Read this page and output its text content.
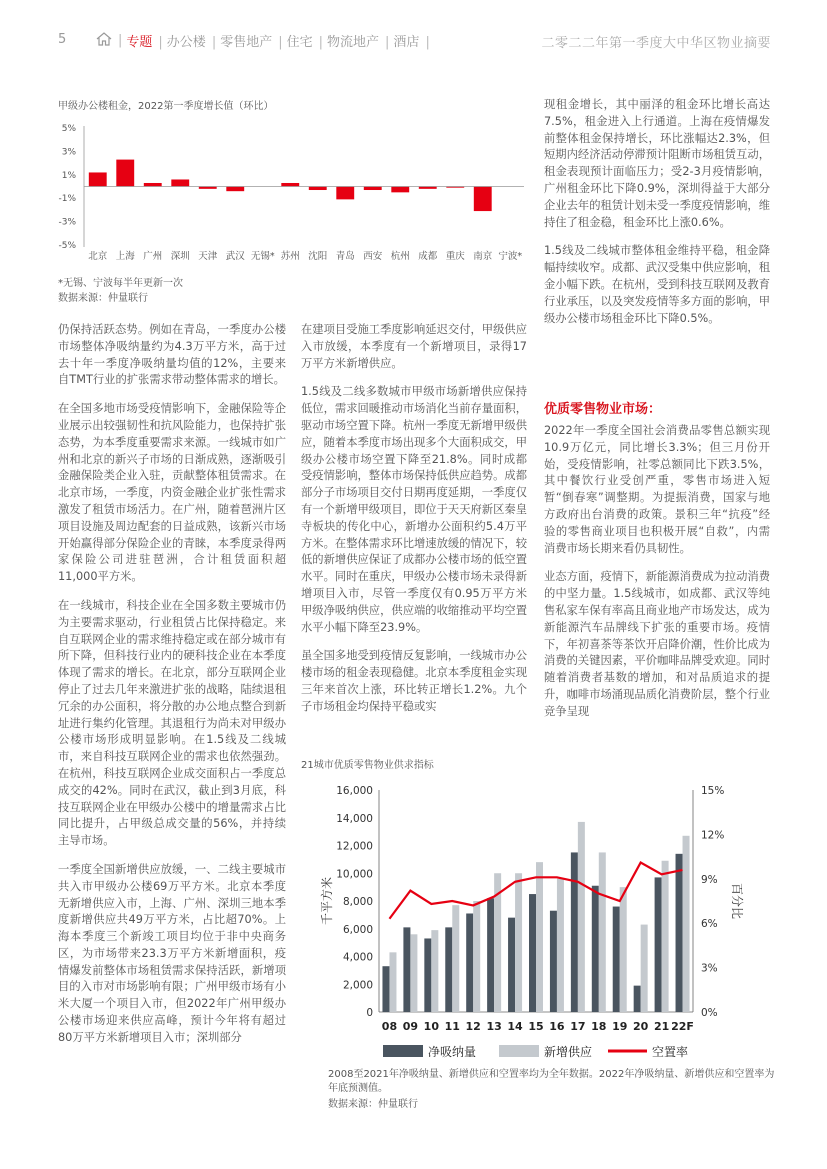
5	| 专题 | 办公楼 | 零售地产 | 住宅 | 物流地产 | 酒店 |	二零二二年第一季度大中华区物业摘要
甲级办公楼租金，2022第一季度增长值（环比）
5%
3%
1%
-1%
-3%
-5%
北京 上海 广州 深圳 天津 武汉 无锡* 苏州 沈阳 青岛 西安 杭州 成都 重庆 南京 宁波*
*无锡、宁波每半年更新一次
数据来源：仲量联行

仍保持活跃态势。例如在青岛，一季度办公楼市场整体净吸纳量约为4.3万平方米，高于过去十年一季度净吸纳量均值的12%，主要来自TMT行业的扩张需求带动整体需求的增长。

在全国多地市场受疫情影响下，金融保险等企业展示出较强韧性和抗风险能力，也保持扩张态势，为本季度重要需求来源。一线城市如广州和北京的新兴子市场的日渐成熟，逐渐吸引金融保险类企业入驻，贡献整体租赁需求。在北京市场，一季度，内资金融企业扩张性需求激发了租赁市场活力。在广州，随着琶洲片区项目设施及周边配套的日益成熟，该新兴市场开始赢得部分保险企业的青睐，本季度录得两家保险公司进驻琶洲，合计租赁面积超11,000平方米。

在一线城市，科技企业在全国多数主要城市仍为主要需求驱动，行业租赁占比保持稳定。来自互联网企业的需求维持稳定或在部分城市有所下降，但科技行业内的硬科技企业在本季度体现了需求的增长。在北京，部分互联网企业停止了过去几年来激进扩张的战略，陆续退租冗余的办公面积，将分散的办公地点整合到新址进行集约化管理。其退租行为尚未对甲级办公楼市场形成明显影响。在1.5线及二线城市，来自科技互联网企业的需求也依然强劲。在杭州，科技互联网企业成交面积占一季度总成交的42%。同时在武汉，截止到3月底，科技互联网企业在甲级办公楼中的增量需求占比同比提升，占甲级总成交量的56%，并持续主导市场。

一季度全国新增供应放缓，一、二线主要城市共入市甲级办公楼69万平方米。北京本季度无新增供应入市，上海、广州、深圳三地本季度新增供应共49万平方米，占比超70%。上海本季度三个新竣工项目均位于非中央商务区，为市场带来23.3万平方米新增面积，疫情爆发前整体市场租赁需求保持活跃，新增项目的入市对市场影响有限；广州甲级市场有小米大厦一个项目入市，但2022年广州甲级办公楼市场迎来供应高峰，预计今年将有超过80万平方米新增项目入市；深圳部分

在建项目受施工季度影响延迟交付，甲级供应入市放缓，本季度有一个新增项目，录得17万平方米新增供应。

1.5线及二线多数城市甲级市场新增供应保持低位，需求回暖推动市场消化当前存量面积，驱动市场空置下降。杭州一季度无新增甲级供应，随着本季度市场出现多个大面积成交，甲级办公楼市场空置下降至21.8%。同时成都受疫情影响，整体市场保持低供应趋势。成都部分子市场项目交付日期再度延期，一季度仅有一个新增甲级项目，即位于天天府新区秦皇寺板块的传化中心，新增办公面积约5.4万平方米。在整体需求环比增速放缓的情况下，较低的新增供应保证了成都办公楼市场的低空置水平。同时在重庆，甲级办公楼市场未录得新增项目入市，尽管一季度仅有0.95万平方米甲级净吸纳供应，供应端的收缩推动平均空置水平小幅下降至23.9%。

虽全国多地受到疫情反复影响，一线城市办公楼市场的租金表现稳健。北京本季度租金实现三年来首次上涨，环比转正增长1.2%。九个子市场租金均保持平稳或实

现租金增长，其中丽泽的租金环比增长高达7.5%，租金进入上行通道。上海在疫情爆发前整体租金保持增长，环比涨幅达2.3%，但短期内经济活动停滞预计阻断市场租赁互动，租金表现预计面临压力；受2-3月疫情影响，广州租金环比下降0.9%，深圳得益于大部分企业去年的租赁计划未受一季度疫情影响，维持住了租金稳，租金环比上涨0.6%。

1.5线及二线城市整体租金维持平稳，租金降幅持续收窄。成都、武汉受集中供应影响，租金小幅下跌。在杭州，受到科技互联网及教育行业承压，以及突发疫情等多方面的影响，甲级办公楼市场租金环比下降0.5%。

优质零售物业市场：

2022年一季度全国社会消费品零售总额实现10.9万亿元，同比增长3.3%；但三月份开始，受疫情影响，社零总额同比下跌3.5%，其中餐饮行业受创严重，零售市场进入短暂“倒春寒”调整期。为提振消费，国家与地方政府出台消费的政策。景积三年“抗疫”经验的零售商业项目也积极开展“自救”，内需消费市场长期来看仍具韧性。

业态方面，疫情下，新能源消费成为拉动消费的中坚力量。1.5线城市，如成都、武汉等纯售私家车保有率高且商业地产市场发达，成为新能源汽车品牌线下扩张的重要市场。疫情下，年初喜茶等茶饮开启降价潮，性价比成为消费的关键因素，平价咖啡品牌受欢迎。同时随着消费者基数的增加，和对品质追求的提升，咖啡市场涌现品质化消费阶层，整个行业竞争呈现

21城市优质零售物业供求指标
16,000
14,000
12,000
10,000
8,000
6,000
4,000
2,000
0
15%
12%
9%
6%
3%
0%
千平方米	百分比
08 09 10 11 12 13 14 15 16 17 18 19 20 21 22F
净吸纳量	新增供应	空置率
2008至2021年净吸纳量、新增供应和空置率均为全年数据。2022年净吸纳量、新增供应和空置率为年底预测值。
数据来源：仲量联行
